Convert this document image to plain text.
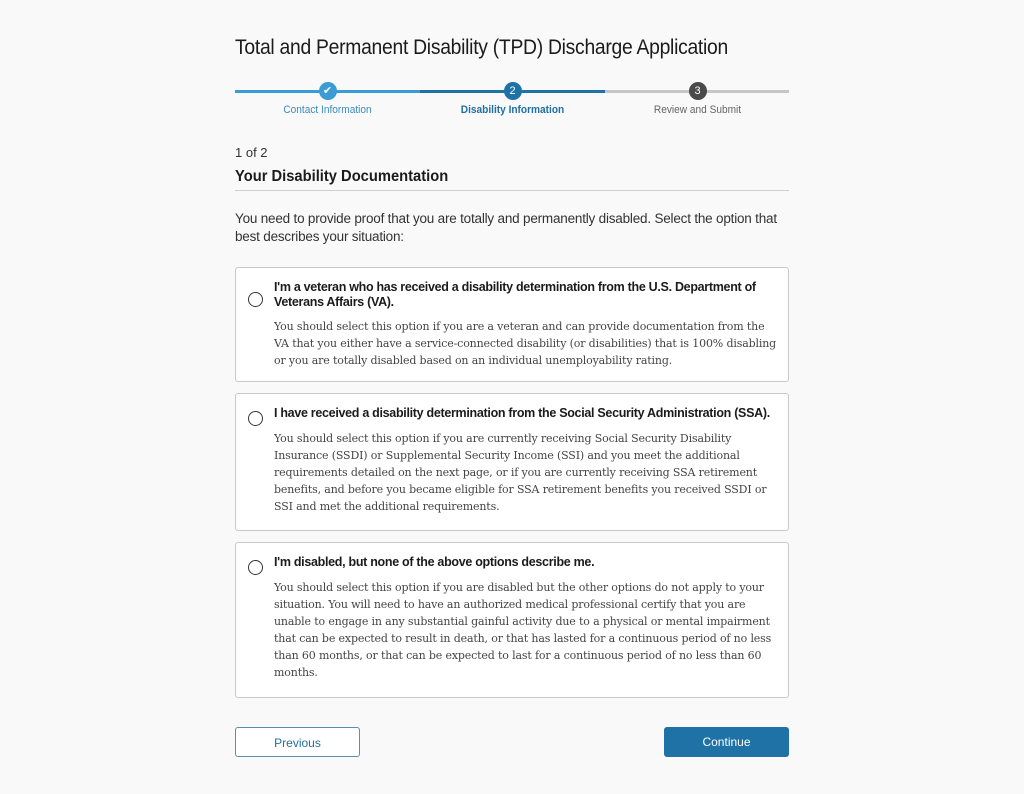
Total and Permanent Disability (TPD) Discharge Application
✔
Contact Information
2
Disability Information
3
Review and Submit
1 of 2
Your Disability Documentation

You need to provide proof that you are totally and permanently disabled. Select the option that best describes your situation:

I'm a veteran who has received a disability determination from the U.S. Department of Veterans Affairs (VA).
You should select this option if you are a veteran and can provide documentation from the VA that you either have a service-connected disability (or disabilities) that is 100% disabling or you are totally disabled based on an individual unemployability rating.
I have received a disability determination from the Social Security Administration (SSA).
You should select this option if you are currently receiving Social Security Disability Insurance (SSDI) or Supplemental Security Income (SSI) and you meet the additional requirements detailed on the next page, or if you are currently receiving SSA retirement benefits, and before you became eligible for SSA retirement benefits you received SSDI or SSI and met the additional requirements.
I'm disabled, but none of the above options describe me.
You should select this option if you are disabled but the other options do not apply to your situation. You will need to have an authorized medical professional certify that you are unable to engage in any substantial gainful activity due to a physical or mental impairment that can be expected to result in death, or that has lasted for a continuous period of no less than 60 months, or that can be expected to last for a continuous period of no less than 60 months.
Previous	Continue
